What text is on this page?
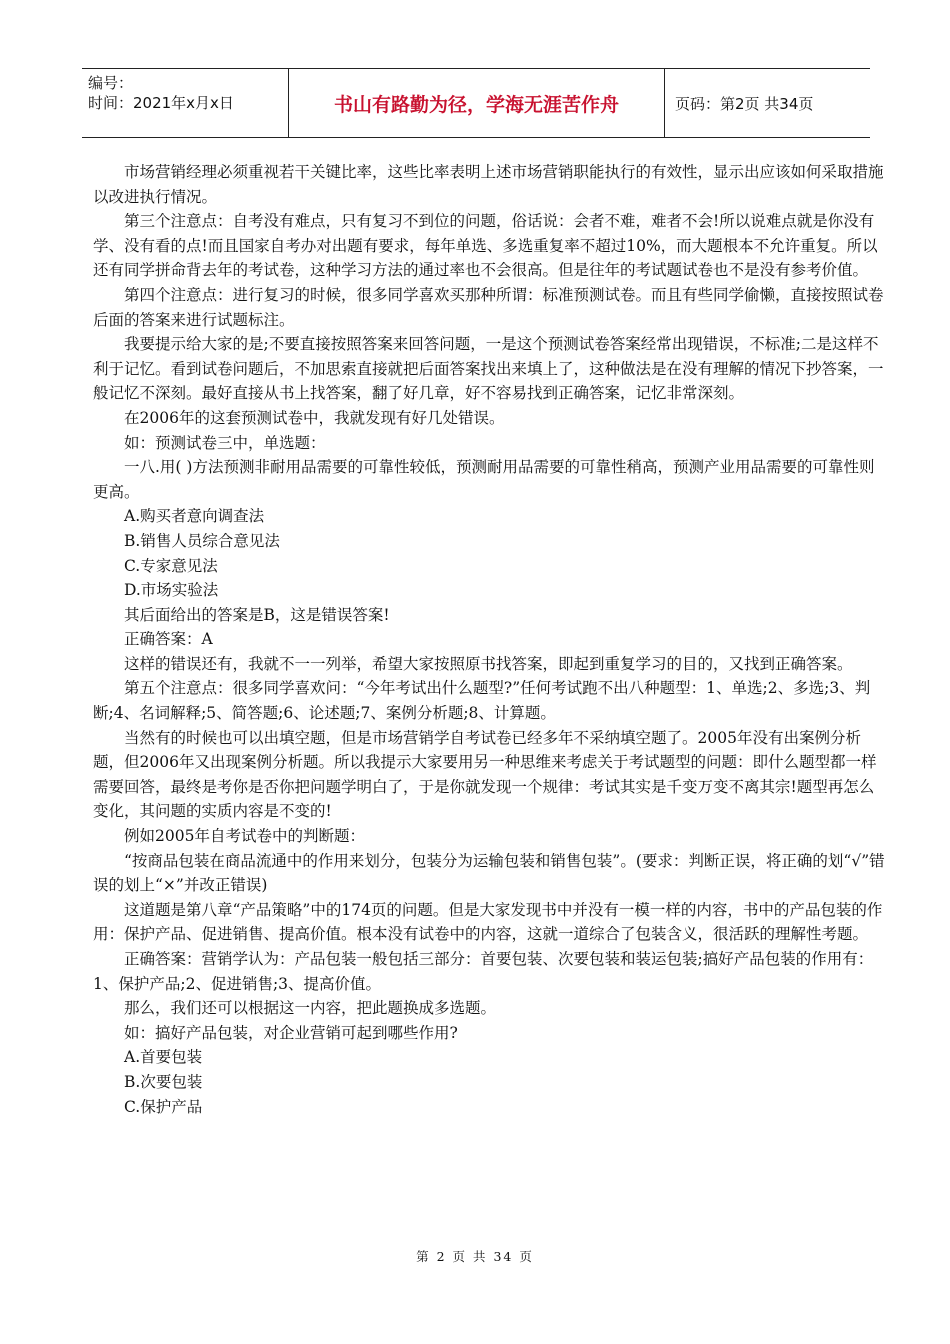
编号：
时间：2021年x月x日	书山有路勤为径，学海无涯苦作舟	页码：第2页 共34页

市场营销经理必须重视若干关键比率，这些比率表明上述市场营销职能执行的有效性，显示出应该如何采取措施以改进执行情况。

第三个注意点：自考没有难点，只有复习不到位的问题，俗话说：会者不难，难者不会!所以说难点就是你没有学、没有看的点!而且国家自考办对出题有要求，每年单选、多选重复率不超过10%，而大题根本不允许重复。所以还有同学拼命背去年的考试卷，这种学习方法的通过率也不会很高。但是往年的考试题试卷也不是没有参考价值。

第四个注意点：进行复习的时候，很多同学喜欢买那种所谓：标准预测试卷。而且有些同学偷懒，直接按照试卷后面的答案来进行试题标注。

我要提示给大家的是;不要直接按照答案来回答问题，一是这个预测试卷答案经常出现错误，不标准;二是这样不利于记忆。看到试卷问题后，不加思索直接就把后面答案找出来填上了，这种做法是在没有理解的情况下抄答案，一般记忆不深刻。最好直接从书上找答案，翻了好几章，好不容易找到正确答案，记忆非常深刻。

在2006年的这套预测试卷中，我就发现有好几处错误。

如：预测试卷三中，单选题：

一八.用( )方法预测非耐用品需要的可靠性较低，预测耐用品需要的可靠性稍高，预测产业用品需要的可靠性则更高。

A.购买者意向调查法

B.销售人员综合意见法

C.专家意见法

D.市场实验法

其后面给出的答案是B，这是错误答案!

正确答案：A

这样的错误还有，我就不一一列举，希望大家按照原书找答案，即起到重复学习的目的，又找到正确答案。

第五个注意点：很多同学喜欢问：“今年考试出什么题型?”任何考试跑不出八种题型：1、单选;2、多选;3、判断;4、名词解释;5、简答题;6、论述题;7、案例分析题;8、计算题。

当然有的时候也可以出填空题，但是市场营销学自考试卷已经多年不采纳填空题了。2005年没有出案例分析题，但2006年又出现案例分析题。所以我提示大家要用另一种思维来考虑关于考试题型的问题：即什么题型都一样需要回答，最终是考你是否你把问题学明白了，于是你就发现一个规律：考试其实是千变万变不离其宗!题型再怎么变化，其问题的实质内容是不变的!

例如2005年自考试卷中的判断题：

“按商品包装在商品流通中的作用来划分，包装分为运输包装和销售包装”。(要求：判断正误，将正确的划“√”错误的划上“×”并改正错误)

这道题是第八章“产品策略”中的174页的问题。但是大家发现书中并没有一模一样的内容，书中的产品包装的作用：保护产品、促进销售、提高价值。根本没有试卷中的内容，这就一道综合了包装含义，很活跃的理解性考题。

正确答案：营销学认为：产品包装一般包括三部分：首要包装、次要包装和装运包装;搞好产品包装的作用有：1、保护产品;2、促进销售;3、提高价值。

那么，我们还可以根据这一内容，把此题换成多选题。

如：搞好产品包装，对企业营销可起到哪些作用?

A.首要包装

B.次要包装

C.保护产品

第 2 页 共 34 页
